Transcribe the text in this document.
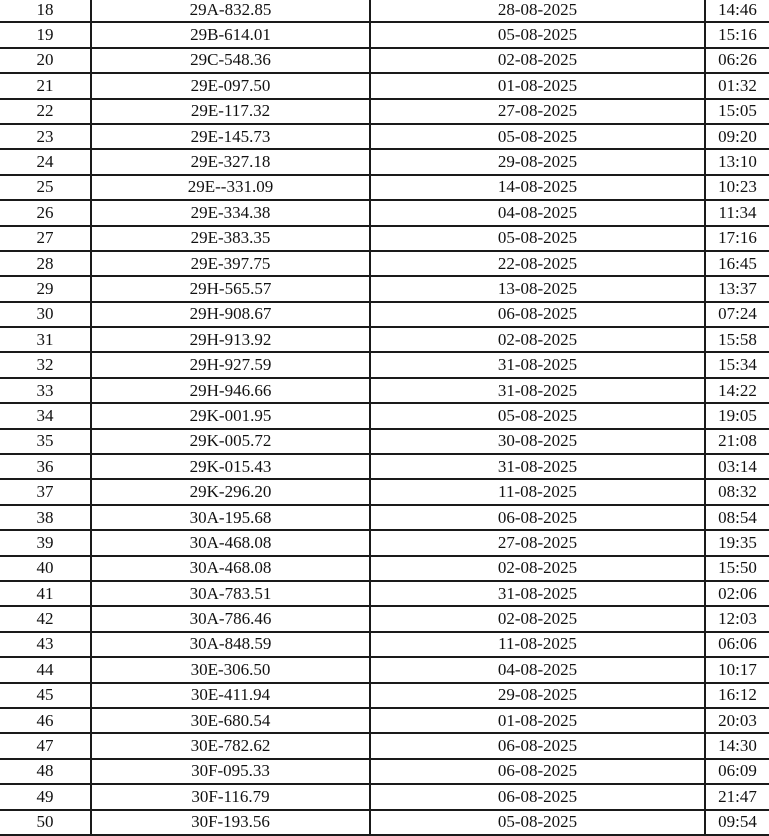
18	29A-832.85	28-08-2025	14:46
19	29B-614.01	05-08-2025	15:16
20	29C-548.36	02-08-2025	06:26
21	29E-097.50	01-08-2025	01:32
22	29E-117.32	27-08-2025	15:05
23	29E-145.73	05-08-2025	09:20
24	29E-327.18	29-08-2025	13:10
25	29E--331.09	14-08-2025	10:23
26	29E-334.38	04-08-2025	11:34
27	29E-383.35	05-08-2025	17:16
28	29E-397.75	22-08-2025	16:45
29	29H-565.57	13-08-2025	13:37
30	29H-908.67	06-08-2025	07:24
31	29H-913.92	02-08-2025	15:58
32	29H-927.59	31-08-2025	15:34
33	29H-946.66	31-08-2025	14:22
34	29K-001.95	05-08-2025	19:05
35	29K-005.72	30-08-2025	21:08
36	29K-015.43	31-08-2025	03:14
37	29K-296.20	11-08-2025	08:32
38	30A-195.68	06-08-2025	08:54
39	30A-468.08	27-08-2025	19:35
40	30A-468.08	02-08-2025	15:50
41	30A-783.51	31-08-2025	02:06
42	30A-786.46	02-08-2025	12:03
43	30A-848.59	11-08-2025	06:06
44	30E-306.50	04-08-2025	10:17
45	30E-411.94	29-08-2025	16:12
46	30E-680.54	01-08-2025	20:03
47	30E-782.62	06-08-2025	14:30
48	30F-095.33	06-08-2025	06:09
49	30F-116.79	06-08-2025	21:47
50	30F-193.56	05-08-2025	09:54
